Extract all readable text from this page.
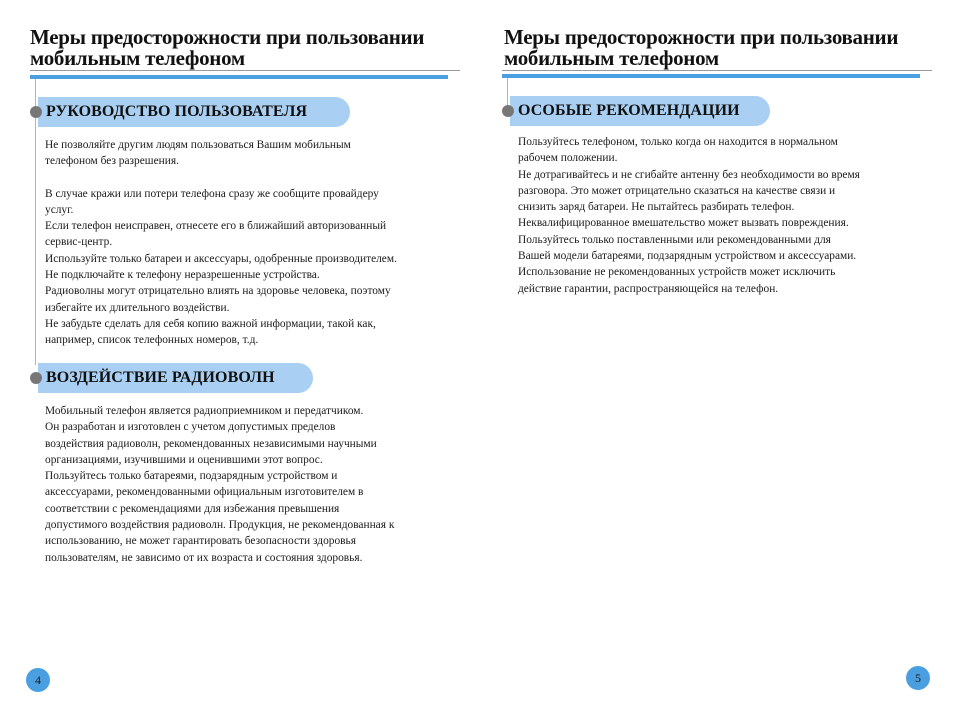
Меры предосторожности при пользовании
мобильным телефоном
РУКОВОДСТВО ПОЛЬЗОВАТЕЛЯ

Не позволяйте другим людям пользоваться Вашим мобильным

телефоном без разрешения.

В случае кражи или потери телефона сразу же сообщите провайдеру

услуг.

Если телефон неисправен, отнесете его в ближайший авторизованный

сервис-центр.

Используйте только батареи и аксессуары, одобренные производителем.

Не подключайте к телефону неразрешенные устройства.

Радиоволны могут отрицательно влиять на здоровье человека, поэтому

избегайте их длительного воздействи.

Не забудьте сделать для себя копию важной информации, такой как,

например, список телефонных номеров, т.д.

ВОЗДЕЙСТВИЕ РАДИОВОЛН

Мобильный телефон является радиоприемником и передатчиком.

Он разработан и изготовлен с учетом допустимых пределов

воздействия радиоволн, рекомендованных независимыми научными

организациями, изучившими и оценившими этот вопрос.

Пользуйтесь только батареями, подзарядным устройством и

аксессуарами, рекомендованными официальным изготовителем в

соответствии с рекомендациями для избежания превышения

допустимого воздействия радиоволн. Продукция, не рекомендованная к

использованию, не может гарантировать безопасности здоровья

пользователям, не зависимо от их возраста и состояния здоровья.

4
Меры предосторожности при пользовании
мобильным телефоном
ОСОБЫЕ РЕКОМЕНДАЦИИ

Пользуйтесь телефоном, только когда он находится в нормальном

рабочем положении.

Не дотрагивайтесь и не сгибайте антенну без необходимости во время

разговора. Это может отрицательно сказаться на качестве связи и

снизить заряд батареи. Не пытайтесь разбирать телефон.

Неквалифицированное вмешательство может вызвать повреждения.

Пользуйтесь только поставленными или рекомендованными для

Вашей модели батареями, подзарядным устройством и аксессуарами.

Использование не рекомендованных устройств может исключить

действие гарантии, распространяющейся на телефон.

5
